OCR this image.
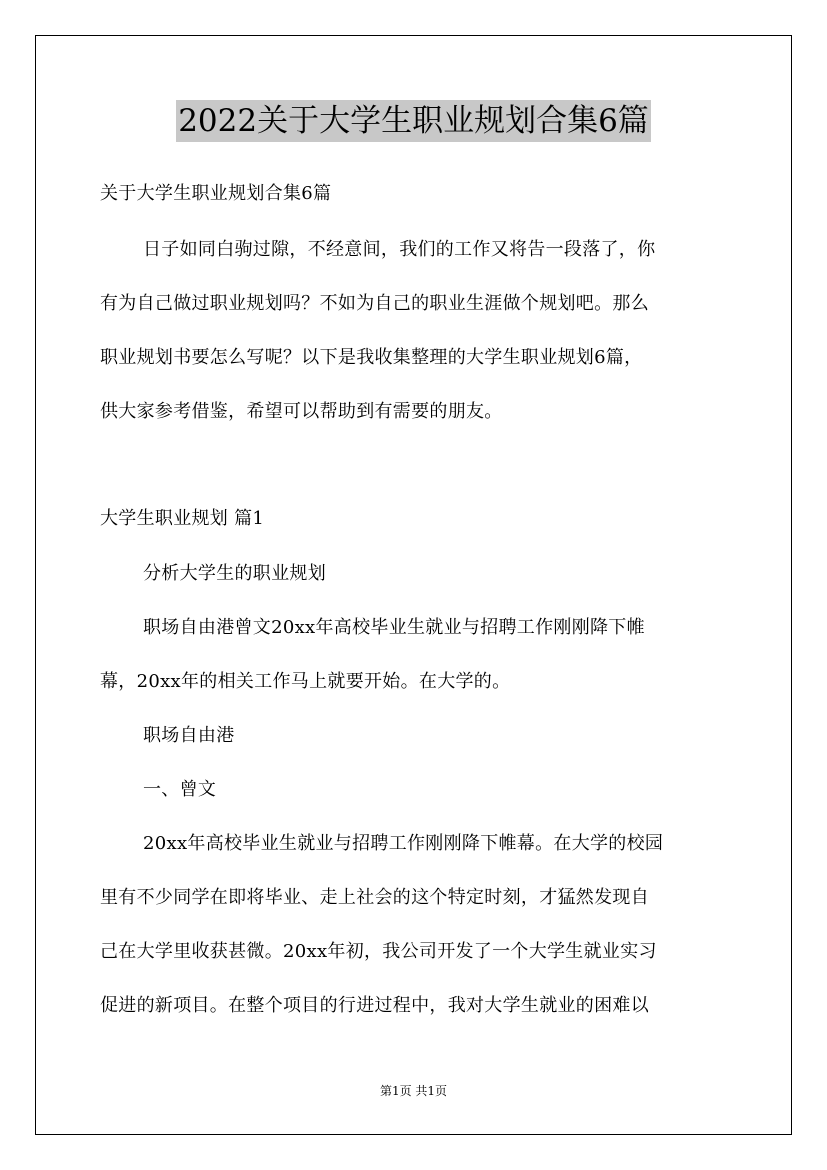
2022关于大学生职业规划合集6篇
关于大学生职业规划合集6篇
日子如同白驹过隙，不经意间，我们的工作又将告一段落了，你
有为自己做过职业规划吗？不如为自己的职业生涯做个规划吧。那么
职业规划书要怎么写呢？以下是我收集整理的大学生职业规划6篇，
供大家参考借鉴，希望可以帮助到有需要的朋友。
大学生职业规划 篇1
分析大学生的职业规划
职场自由港曾文20xx年高校毕业生就业与招聘工作刚刚降下帷
幕，20xx年的相关工作马上就要开始。在大学的。
职场自由港
一、曾文
20xx年高校毕业生就业与招聘工作刚刚降下帷幕。在大学的校园
里有不少同学在即将毕业、走上社会的这个特定时刻，才猛然发现自
己在大学里收获甚微。20xx年初，我公司开发了一个大学生就业实习
促进的新项目。在整个项目的行进过程中，我对大学生就业的困难以
第1页 共1页
